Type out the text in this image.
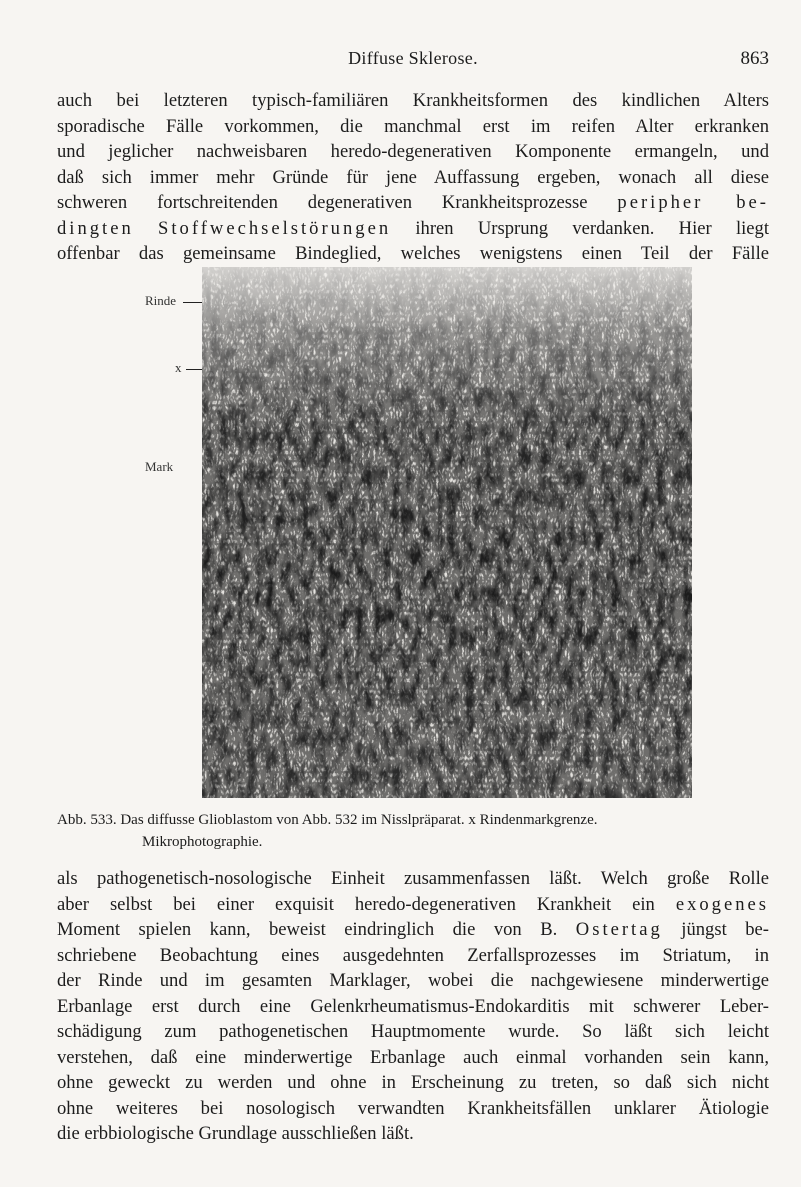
Diffuse Sklerose.	863

auch bei letzteren typisch-familiären Krankheitsformen des kindlichen Alters
sporadische Fälle vorkommen, die manchmal erst im reifen Alter erkranken
und jeglicher nachweisbaren heredo-degenerativen Komponente ermangeln, und
daß sich immer mehr Gründe für jene Auffassung ergeben, wonach all diese
schweren fortschreitenden degenerativen Krankheitsprozesse peripher be-
dingten Stoffwechselstörungen ihren Ursprung verdanken. Hier liegt
offenbar das gemeinsame Bindeglied, welches wenigstens einen Teil der Fälle

Rinde
x
Mark
Abb. 533. Das diffusse Glioblastom von Abb. 532 im Nisslpräparat. x Rindenmarkgrenze.
Mikrophotographie.

als pathogenetisch-nosologische Einheit zusammenfassen läßt. Welch große Rolle
aber selbst bei einer exquisit heredo-degenerativen Krankheit ein exogenes
Moment spielen kann, beweist eindringlich die von B. Ostertag jüngst be-
schriebene Beobachtung eines ausgedehnten Zerfallsprozesses im Striatum, in
der Rinde und im gesamten Marklager, wobei die nachgewiesene minderwertige
Erbanlage erst durch eine Gelenkrheumatismus-Endokarditis mit schwerer Leber-
schädigung zum pathogenetischen Hauptmomente wurde. So läßt sich leicht
verstehen, daß eine minderwertige Erbanlage auch einmal vorhanden sein kann,
ohne geweckt zu werden und ohne in Erscheinung zu treten, so daß sich nicht
ohne weiteres bei nosologisch verwandten Krankheitsfällen unklarer Ätiologie
die erbbiologische Grundlage ausschließen läßt.
